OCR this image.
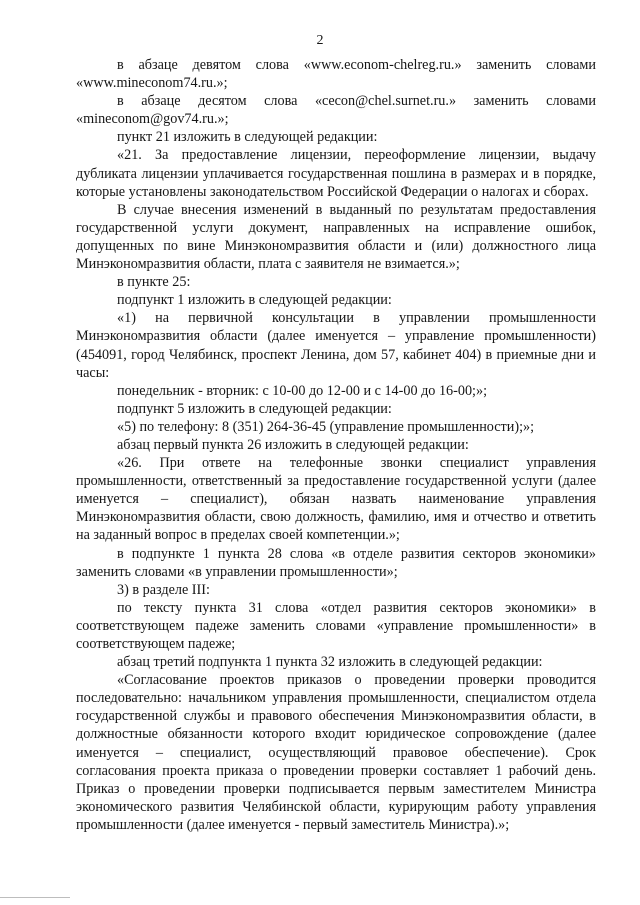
2

в абзаце девятом слова «www.econom-chelreg.ru.» заменить словами «www.mineconom74.ru.»;

в абзаце десятом слова «cecon@chel.surnet.ru.» заменить словами «mineconom@gov74.ru.»;

пункт 21 изложить в следующей редакции:

«21. За предоставление лицензии, переоформление лицензии, выдачу дубликата лицензии уплачивается государственная пошлина в размерах и в порядке, которые установлены законодательством Российской Федерации о налогах и сборах.

В случае внесения изменений в выданный по результатам предоставления государственной услуги документ, направленных на исправление ошибок, допущенных по вине Минэкономразвития области и (или) должностного лица Минэкономразвития области, плата с заявителя не взимается.»;

в пункте 25:

подпункт 1 изложить в следующей редакции:

«1) на первичной консультации в управлении промышленности Минэкономразвития области (далее именуется – управление промышленности) (454091, город Челябинск, проспект Ленина, дом 57, кабинет 404) в приемные дни и часы:

понедельник - вторник: с 10-00 до 12-00 и с 14-00 до 16-00;»;

подпункт 5 изложить в следующей редакции:

«5) по телефону: 8 (351) 264-36-45 (управление промышленности);»;

абзац первый пункта 26 изложить в следующей редакции:

«26. При ответе на телефонные звонки специалист управления промышленности, ответственный за предоставление государственной услуги (далее именуется – специалист), обязан назвать наименование управления Минэкономразвития области, свою должность, фамилию, имя и отчество и ответить на заданный вопрос в пределах своей компетенции.»;

в подпункте 1 пункта 28 слова «в отделе развития секторов экономики» заменить словами «в управлении промышленности»;

3) в разделе III:

по тексту пункта 31 слова «отдел развития секторов экономики» в соответствующем падеже заменить словами «управление промышленности» в соответствующем падеже;

абзац третий подпункта 1 пункта 32 изложить в следующей редакции:

«Согласование проектов приказов о проведении проверки проводится последовательно: начальником управления промышленности, специалистом отдела государственной службы и правового обеспечения Минэкономразвития области, в должностные обязанности которого входит юридическое сопровождение (далее именуется – специалист, осуществляющий правовое обеспечение). Срок согласования проекта приказа о проведении проверки составляет 1 рабочий день. Приказ о проведении проверки подписывается первым заместителем Министра экономического развития Челябинской области, курирующим работу управления промышленности (далее именуется - первый заместитель Министра).»;
